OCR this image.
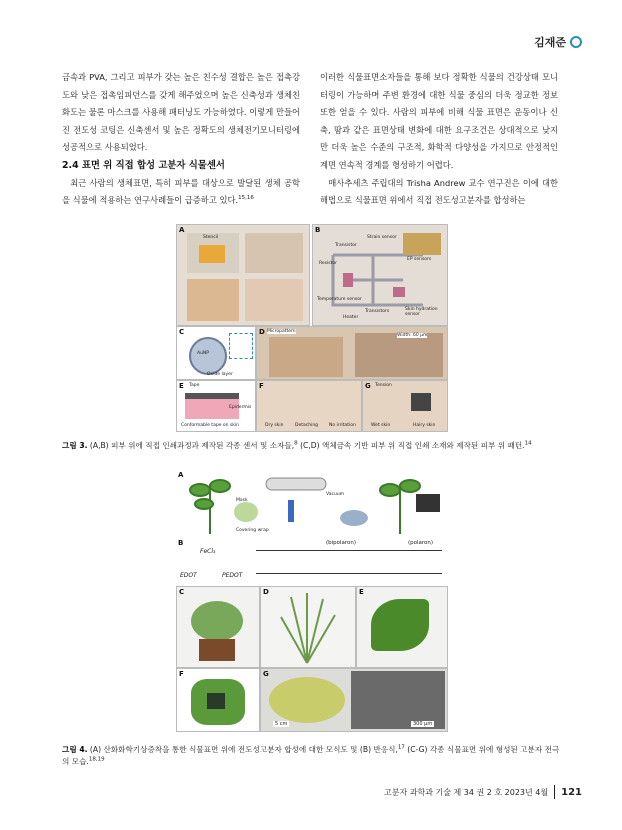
김재준

금속과 PVA, 그리고 피부가 갖는 높은 친수성 결합은 높은 접촉강도와 낮은 접촉임피던스를 갖게 해주었으며 높은 신축성과 생체친화도는 물론 마스크를 사용해 패터닝도 가능하였다. 이렇게 만들어진 전도성 코팅은 신축센서 및 높은 정확도의 생체전기모니터링에 성공적으로 사용되었다.

2.4 표면 위 직접 합성 고분자 식물센서

최근 사람의 생체표면, 특히 피부를 대상으로 발달된 생체 공학을 식물에 적용하는 연구사례들이 급증하고 있다.$^{15,16}$

이러한 식물표면소자들을 통해 보다 정확한 식물의 건강상태 모니터링이 가능하며 주변 환경에 대한 식물 중심의 더욱 정교한 정보 또한 얻을 수 있다. 사람의 피부에 비해 식물 표면은 운동이나 신축, 땀과 같은 표면상태 변화에 대한 요구조건은 상대적으로 낮지만 더욱 높은 수준의 구조적, 화학적 다양성을 가지므로 안정적인 계면 연속적 경계를 형성하기 어렵다.

매사추세츠 주립대의 Trisha Andrew 교수 연구진은 이에 대한 해법으로 식물표면 위에서 직접 전도성고분자를 합성하는

A
Stencil
B
Strain sensor
Transistor
EP sensors
Resistor
Temperature sensor
Heater
Transistors	Skin hydration sensor
C
AuNP
Oxide layer
D Micropattern
Width: 60 μm
E Tape
Epidermis
Conformable tape on skin
F
Dry skin	Detaching No irritation
G Tension
Wet skin	Hairy skin
그림 3. (A,B) 피부 위에 직접 인쇄과정과 제작된 각종 센서 및 소자들,$^8$ (C,D) 액체금속 기반 피부 위 직접 인쇄 소재와 제작된 피부 위 패턴.$^{14}$
A
Mask
Covering wrap
Vacuum
B
FeCl₃
EDOT	PEDOT
(bipolaron)	(polaron)
C	D	E
F	G
5 cm	300 μm
그림 4. (A) 산화화학기상증착을 통한 식물표면 위에 전도성고분자 합성에 대한 모식도 및 (B) 반응식,$^{17}$ (C-G) 각종 식물표면 위에 형성된 고분자 전극의 모습.$^{18,19}$
고분자 과학과 기술 제 34 권 2 호 2023년 4월 121
